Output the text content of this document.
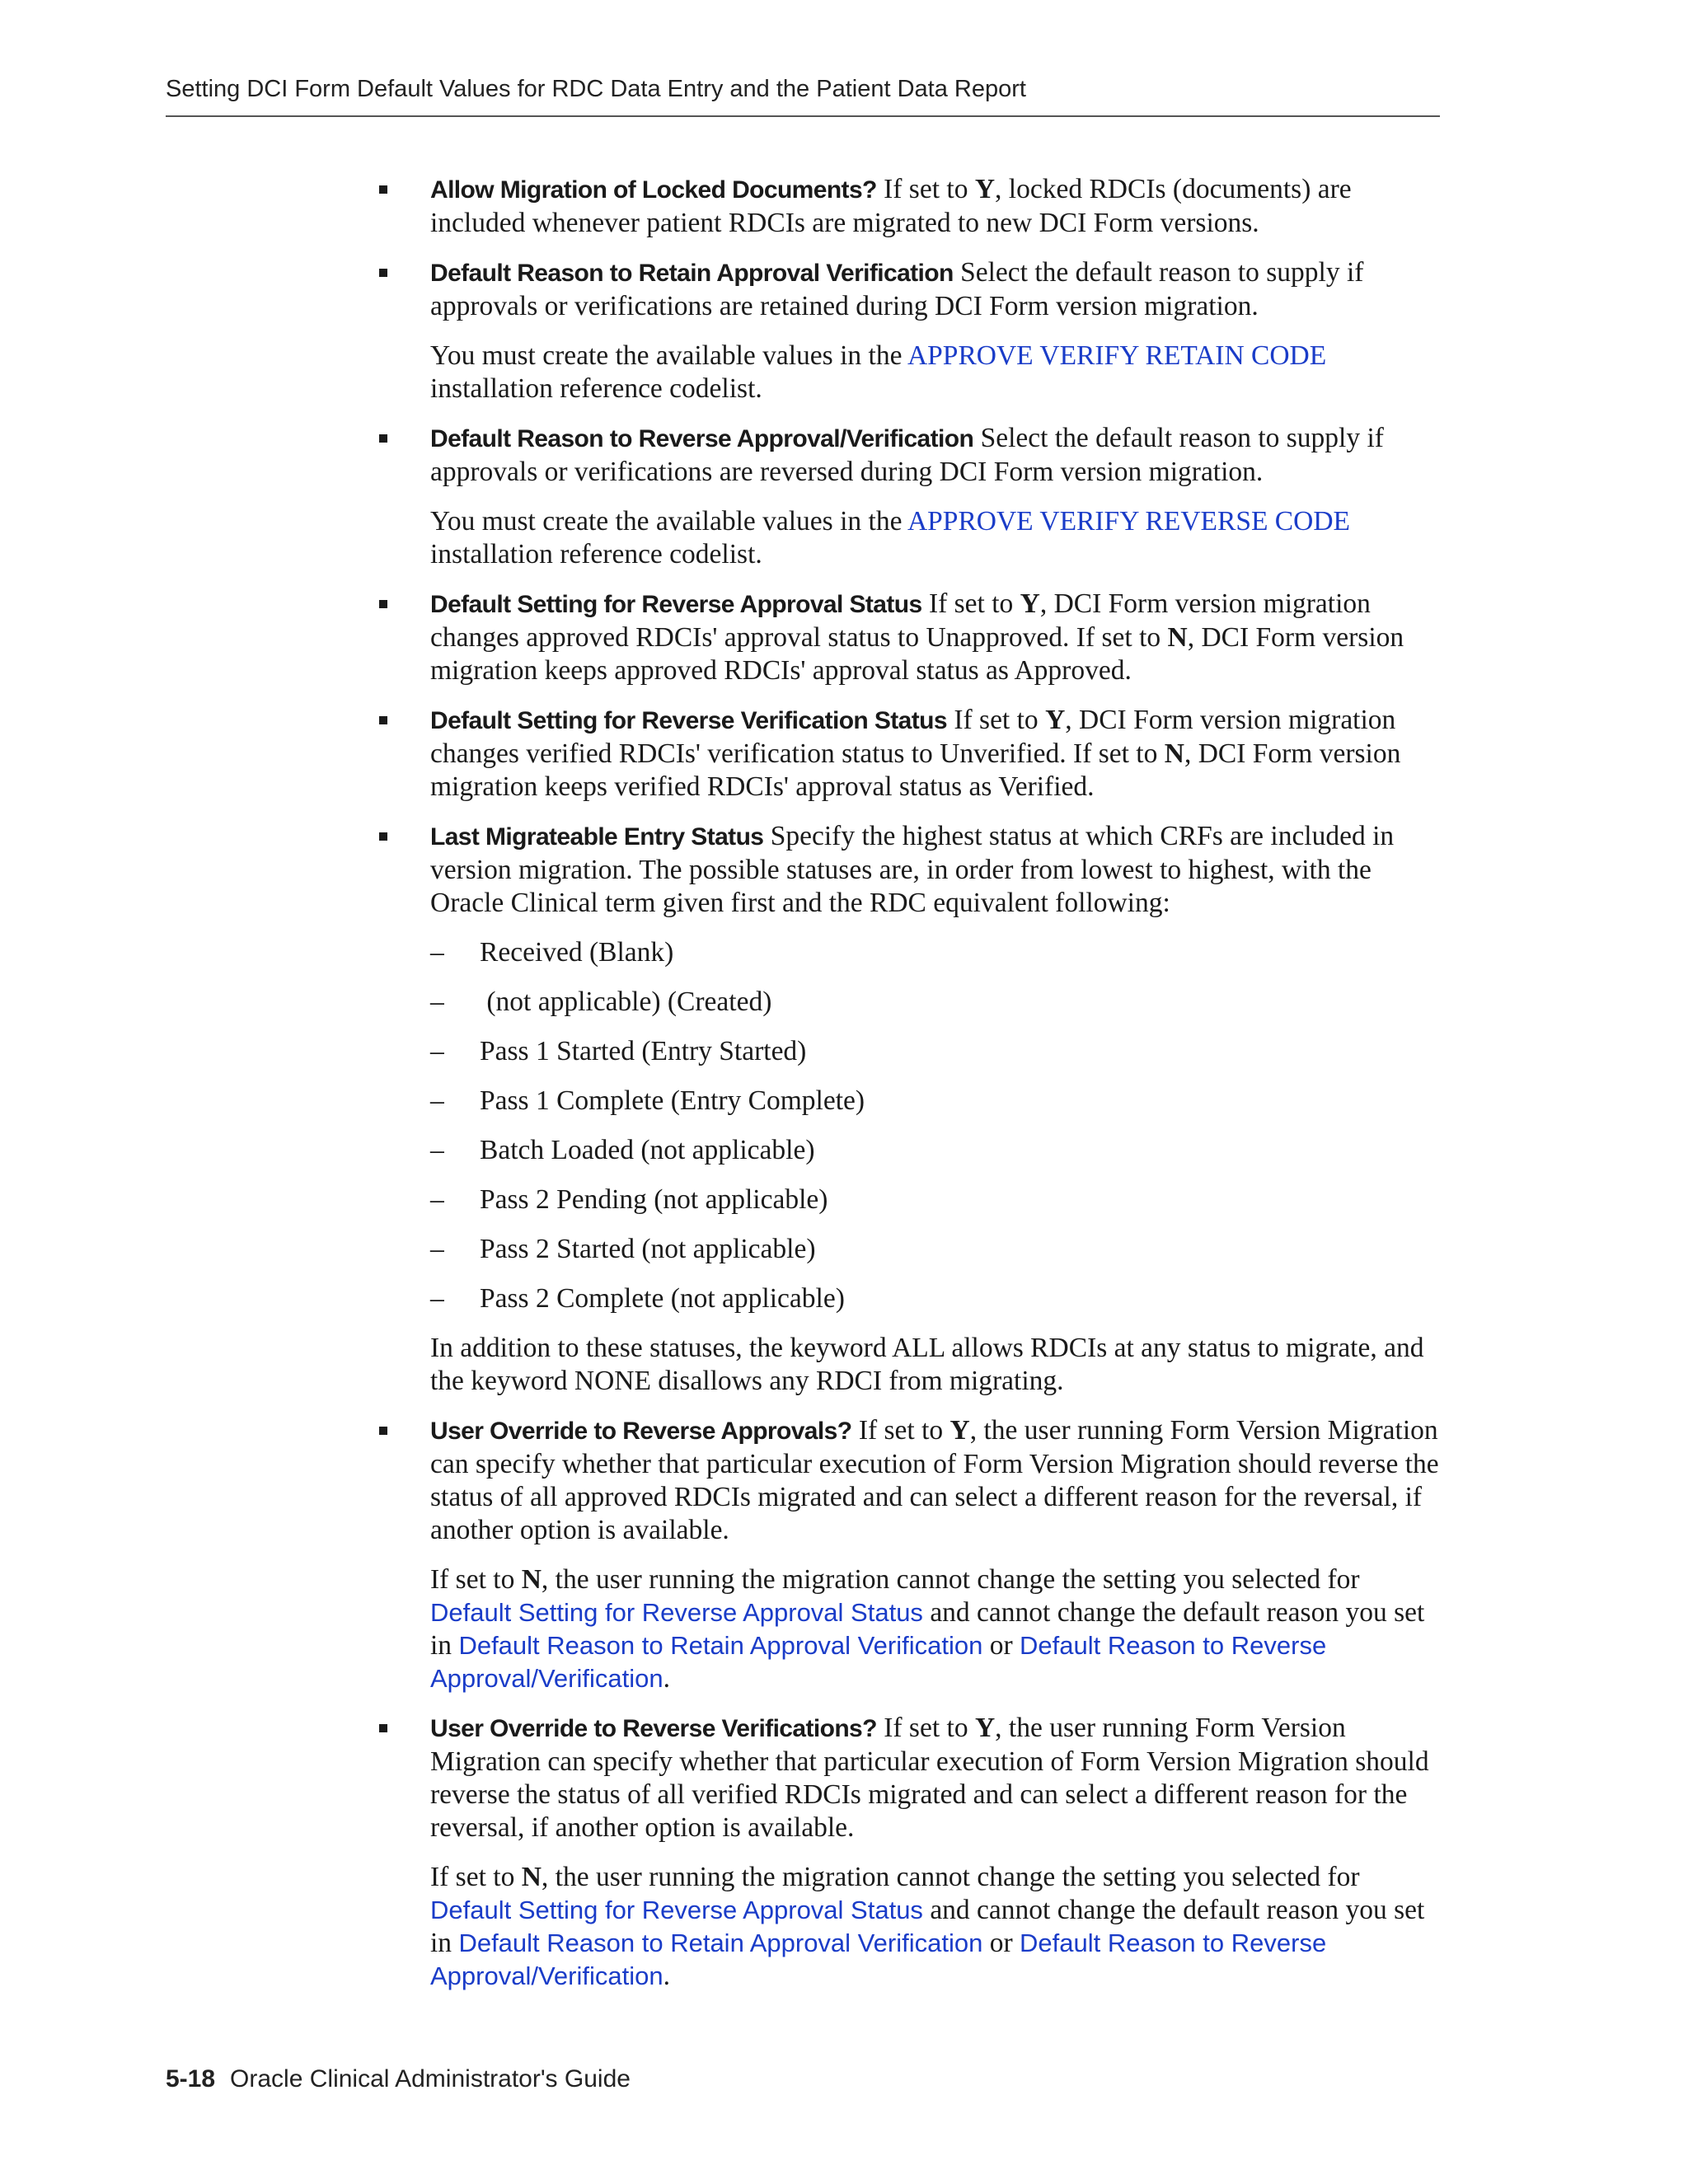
Setting DCI Form Default Values for RDC Data Entry and the Patient Data Report
Allow Migration of Locked Documents? If set to Y, locked RDCIs (documents) are included whenever patient RDCIs are migrated to new DCI Form versions.
Default Reason to Retain Approval Verification Select the default reason to supply if approvals or verifications are retained during DCI Form version migration.
You must create the available values in the APPROVE VERIFY RETAIN CODE installation reference codelist.
Default Reason to Reverse Approval/Verification Select the default reason to supply if approvals or verifications are reversed during DCI Form version migration.
You must create the available values in the APPROVE VERIFY REVERSE CODE installation reference codelist.
Default Setting for Reverse Approval Status If set to Y, DCI Form version migration changes approved RDCIs' approval status to Unapproved. If set to N, DCI Form version migration keeps approved RDCIs' approval status as Approved.
Default Setting for Reverse Verification Status If set to Y, DCI Form version migration changes verified RDCIs' verification status to Unverified. If set to N, DCI Form version migration keeps verified RDCIs' approval status as Verified.
Last Migrateable Entry Status Specify the highest status at which CRFs are included in version migration. The possible statuses are, in order from lowest to highest, with the Oracle Clinical term given first and the RDC equivalent following:
– Received (Blank)
– (not applicable) (Created)
– Pass 1 Started (Entry Started)
– Pass 1 Complete (Entry Complete)
– Batch Loaded (not applicable)
– Pass 2 Pending (not applicable)
– Pass 2 Started (not applicable)
– Pass 2 Complete (not applicable)
In addition to these statuses, the keyword ALL allows RDCIs at any status to migrate, and the keyword NONE disallows any RDCI from migrating.
User Override to Reverse Approvals? If set to Y, the user running Form Version Migration can specify whether that particular execution of Form Version Migration should reverse the status of all approved RDCIs migrated and can select a different reason for the reversal, if another option is available.
If set to N, the user running the migration cannot change the setting you selected for Default Setting for Reverse Approval Status and cannot change the default reason you set in Default Reason to Retain Approval Verification or Default Reason to Reverse Approval/Verification.
User Override to Reverse Verifications? If set to Y, the user running Form Version Migration can specify whether that particular execution of Form Version Migration should reverse the status of all verified RDCIs migrated and can select a different reason for the reversal, if another option is available.
If set to N, the user running the migration cannot change the setting you selected for Default Setting for Reverse Approval Status and cannot change the default reason you set in Default Reason to Retain Approval Verification or Default Reason to Reverse Approval/Verification.
5-18 Oracle Clinical Administrator's Guide
